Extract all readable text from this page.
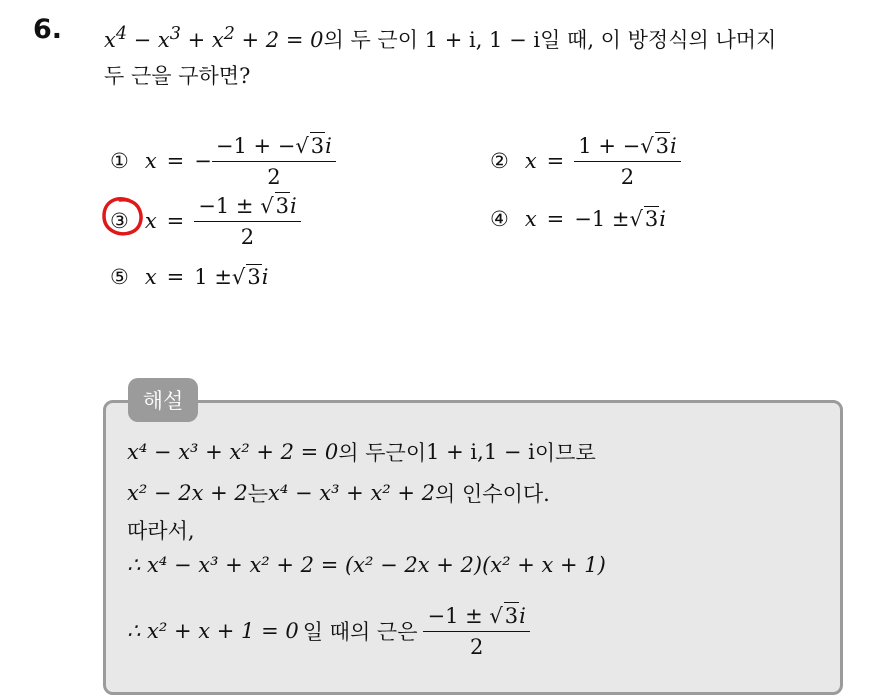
6. $x^4 - x^3 + x^2 + 2 = 0$의 두 근이 1 + i, 1 − i일 때, 이 방정식의 나머지
두 근을 구하면?
① x = − $\frac{-1 + -√3i}{2}$	② $x = \frac{1 + -√3i}{2}$
③ $x = \frac{-1 \pm √3i}{2}$	④ x = −1 ± √ 3 i
⑤ x = 1 ± √ 3 i
해설
x⁴ − x³ + x² + 2 = 0 의 두근이 1 + i , 1 − i 이므로
x² − 2x + 2 는 x⁴ − x³ + x² + 2 의 인수이다.
따라서,
∴ x⁴ − x³ + x² + 2 = (x² − 2x + 2)(x² + x + 1)
∴ x² + x + 1 = 0 일 때의 근은 $\frac{-1 \pm √3i}{2}$
